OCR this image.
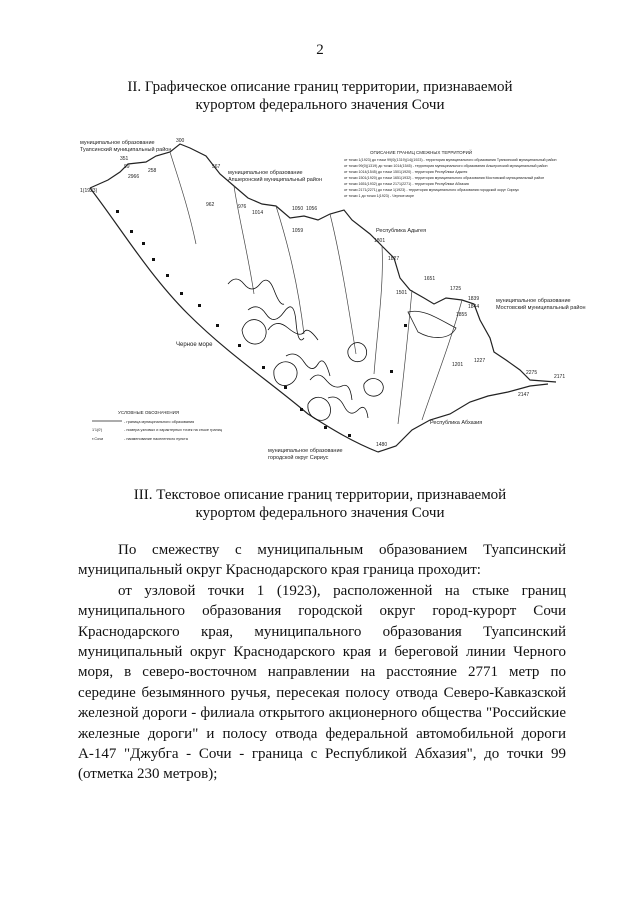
2
II. Графическое описание границ территории, признаваемой
курортом федерального значения Сочи
муниципальное образование
Туапсинский муниципальный район
муниципальное образование
Апшеронский муниципальный район
Республика Адыгея
муниципальное образование
Мостовский муниципальный район
Черное море
Республика Абхазия
муниципальное образование
городской округ Сириус
ОПИСАНИЕ ГРАНИЦ СМЕЖНЫХ ТЕРРИТОРИЙ
от точки 1(1923) до точки 99(0)(1319)(14)(1923) - территория муниципального образования Туапсинский муниципальный район
от точки 99(0)(1319) до точки 1014(1545) - территория муниципального образования Апшеронский муниципальный район
от точки 1014(1545) до точки 1501(1920) - территория Республики Адыгея
от точки 1501(1920) до точки 1651(1932) - территория муниципального образования Мостовский муниципальный район
от точки 1651(1932) до точки 2171(2271) - территория Республики Абхазия
от точки 2171(2271) до точки 1(1923) - территория муниципального образования городской округ Сириус
от точки 1 до точки 1(1923) - Черное море
УСЛОВНЫЕ ОБОЗНАЧЕНИЯ
- граница муниципального образования
1'1(0')	- номера узловых и характерных точек на стыке границ
т.Сочи	- наименование населенного пункта
1(1923)
99
351
2966
258
300
567
962	976
1014
1050 1056
1059
1227
1201
1801
1827
2171
2147
2275
1855
1844
1839
1725
1651
1501
1480
III. Текстовое описание границ территории, признаваемой
курортом федерального значения Сочи

По смежеству с муниципальным образованием Туапсинский муниципальный округ Краснодарского края граница проходит:

от узловой точки 1 (1923), расположенной на стыке границ муниципального образования городской округ город-курорт Сочи Краснодарского края, муниципального образования Туапсинский муниципальный округ Краснодарского края и береговой линии Черного моря, в северо-восточном направлении на расстояние 2771 метр по середине безымянного ручья, пересекая полосу отвода Северо-Кавказской железной дороги - филиала открытого акционерного общества "Российские железные дороги" и полосу отвода федеральной автомобильной дороги А-147 "Джубга - Сочи - граница с Республикой Абхазия", до точки 99 (отметка 230 метров);
